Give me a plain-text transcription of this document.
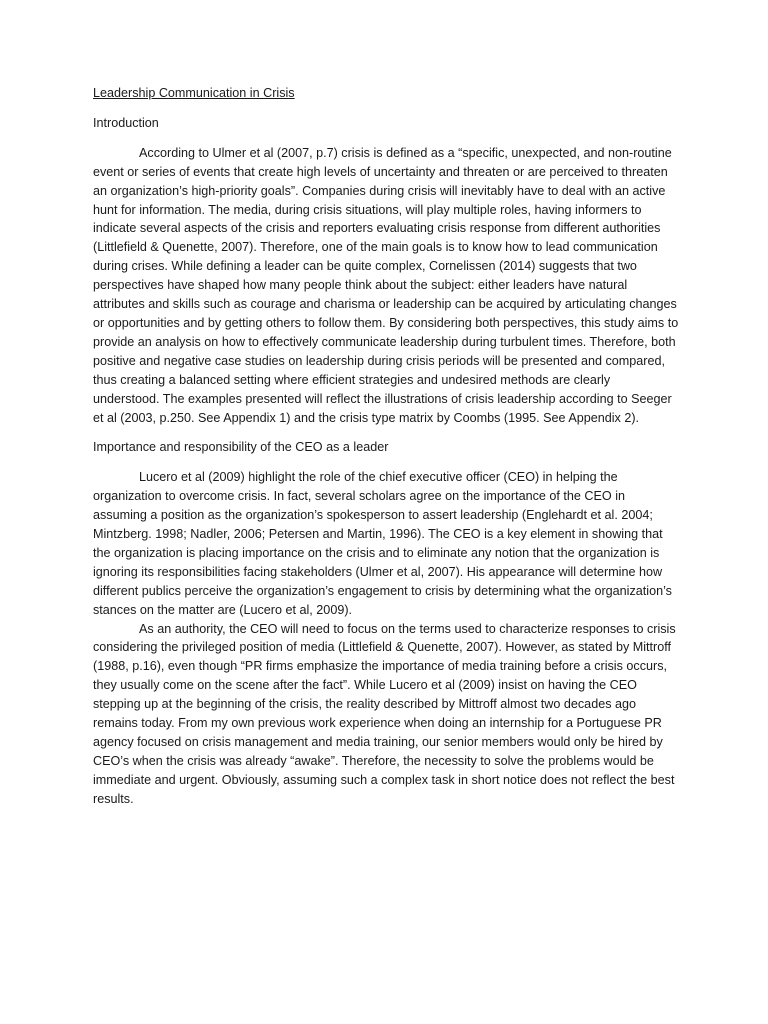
Leadership Communication in Crisis
Introduction

According to Ulmer et al (2007, p.7) crisis is defined as a “specific, unexpected, and non-routine event or series of events that create high levels of uncertainty and threaten or are perceived to threaten an organization’s high-priority goals”. Companies during crisis will inevitably have to deal with an active hunt for information. The media, during crisis situations, will play multiple roles, having informers to indicate several aspects of the crisis and reporters evaluating crisis response from different authorities (Littlefield & Quenette, 2007). Therefore, one of the main goals is to know how to lead communication during crises. While defining a leader can be quite complex, Cornelissen (2014) suggests that two perspectives have shaped how many people think about the subject: either leaders have natural attributes and skills such as courage and charisma or leadership can be acquired by articulating changes or opportunities and by getting others to follow them. By considering both perspectives, this study aims to provide an analysis on how to effectively communicate leadership during turbulent times. Therefore, both positive and negative case studies on leadership during crisis periods will be presented and compared, thus creating a balanced setting where efficient strategies and undesired methods are clearly understood. The examples presented will reflect the illustrations of crisis leadership according to Seeger et al (2003, p.250. See Appendix 1) and the crisis type matrix by Coombs (1995. See Appendix 2).

Importance and responsibility of the CEO as a leader

Lucero et al (2009) highlight the role of the chief executive officer (CEO) in helping the organization to overcome crisis. In fact, several scholars agree on the importance of the CEO in assuming a position as the organization’s spokesperson to assert leadership (Englehardt et al. 2004; Mintzberg. 1998; Nadler, 2006; Petersen and Martin, 1996). The CEO is a key element in showing that the organization is placing importance on the crisis and to eliminate any notion that the organization is ignoring its responsibilities facing stakeholders (Ulmer et al, 2007). His appearance will determine how different publics perceive the organization’s engagement to crisis by determining what the organization’s stances on the matter are (Lucero et al, 2009).

As an authority, the CEO will need to focus on the terms used to characterize responses to crisis considering the privileged position of media (Littlefield & Quenette, 2007). However, as stated by Mittroff (1988, p.16), even though “PR firms emphasize the importance of media training before a crisis occurs, they usually come on the scene after the fact”. While Lucero et al (2009) insist on having the CEO stepping up at the beginning of the crisis, the reality described by Mittroff almost two decades ago remains today. From my own previous work experience when doing an internship for a Portuguese PR agency focused on crisis management and media training, our senior members would only be hired by CEO’s when the crisis was already “awake”. Therefore, the necessity to solve the problems would be immediate and urgent. Obviously, assuming such a complex task in short notice does not reflect the best results.
